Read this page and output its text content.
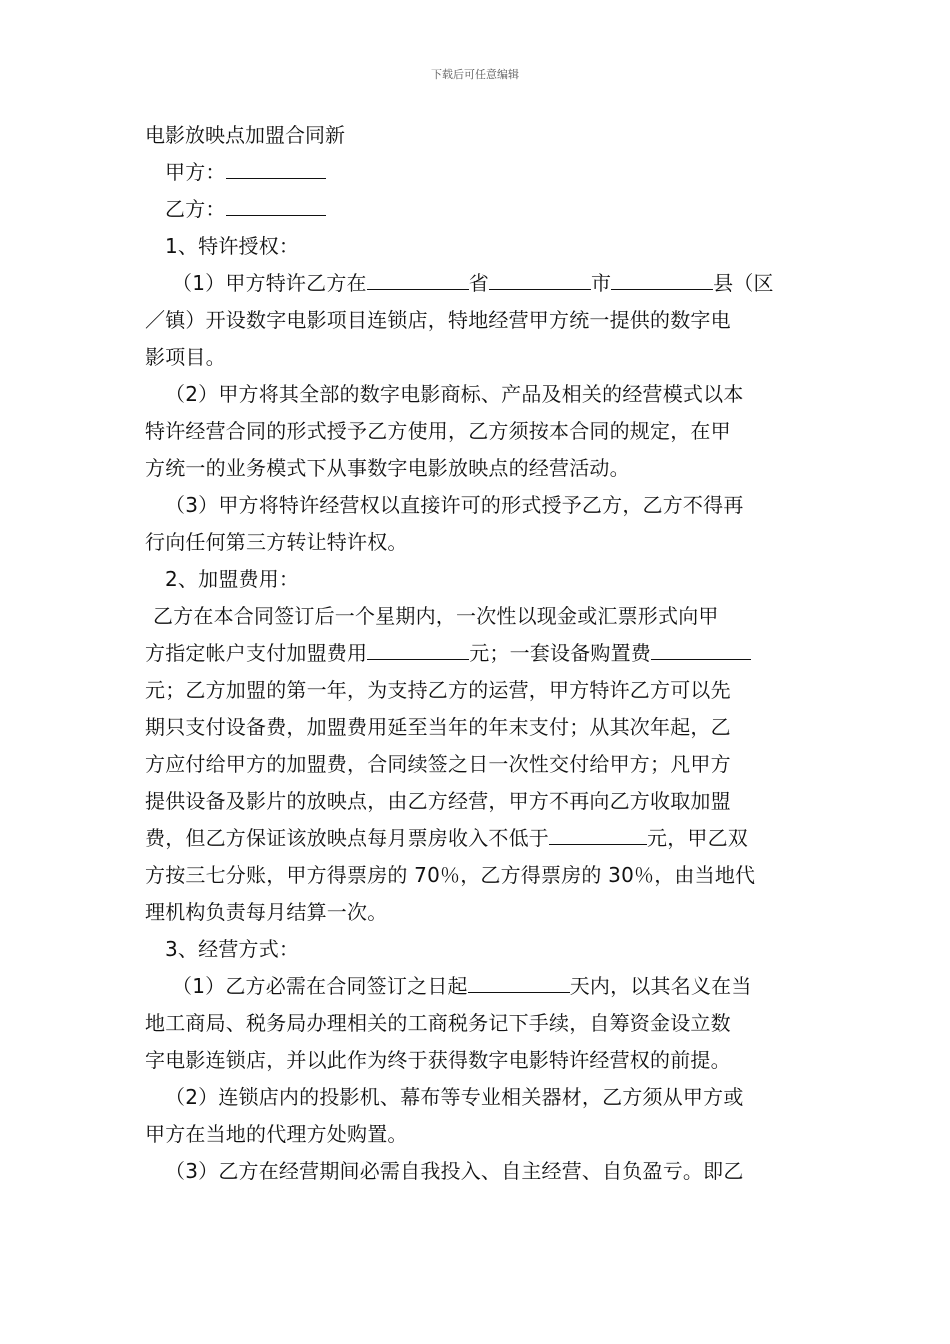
下载后可任意编辑
电影放映点加盟合同新
甲方：
乙方：
1、特许授权：
（1）甲方特许乙方在	省	市	县（区
／镇）开设数字电影项目连锁店，特地经营甲方统一提供的数字电
影项目。
（2）甲方将其全部的数字电影商标、产品及相关的经营模式以本
特许经营合同的形式授予乙方使用，乙方须按本合同的规定，在甲
方统一的业务模式下从事数字电影放映点的经营活动。
（3）甲方将特许经营权以直接许可的形式授予乙方，乙方不得再
行向任何第三方转让特许权。
2、加盟费用：
乙方在本合同签订后一个星期内，一次性以现金或汇票形式向甲
方指定帐户支付加盟费用	元；一套设备购置费
元；乙方加盟的第一年，为支持乙方的运营，甲方特许乙方可以先
期只支付设备费，加盟费用延至当年的年末支付；从其次年起，乙
方应付给甲方的加盟费，合同续签之日一次性交付给甲方；凡甲方
提供设备及影片的放映点，由乙方经营，甲方不再向乙方收取加盟
费，但乙方保证该放映点每月票房收入不低于	元，甲乙双
方按三七分账，甲方得票房的 70％，乙方得票房的 30％，由当地代
理机构负责每月结算一次。
3、经营方式：
（1）乙方必需在合同签订之日起	天内，以其名义在当
地工商局、税务局办理相关的工商税务记下手续，自筹资金设立数
字电影连锁店，并以此作为终于获得数字电影特许经营权的前提。
（2）连锁店内的投影机、幕布等专业相关器材，乙方须从甲方或
甲方在当地的代理方处购置。
（3）乙方在经营期间必需自我投入、自主经营、自负盈亏。即乙
